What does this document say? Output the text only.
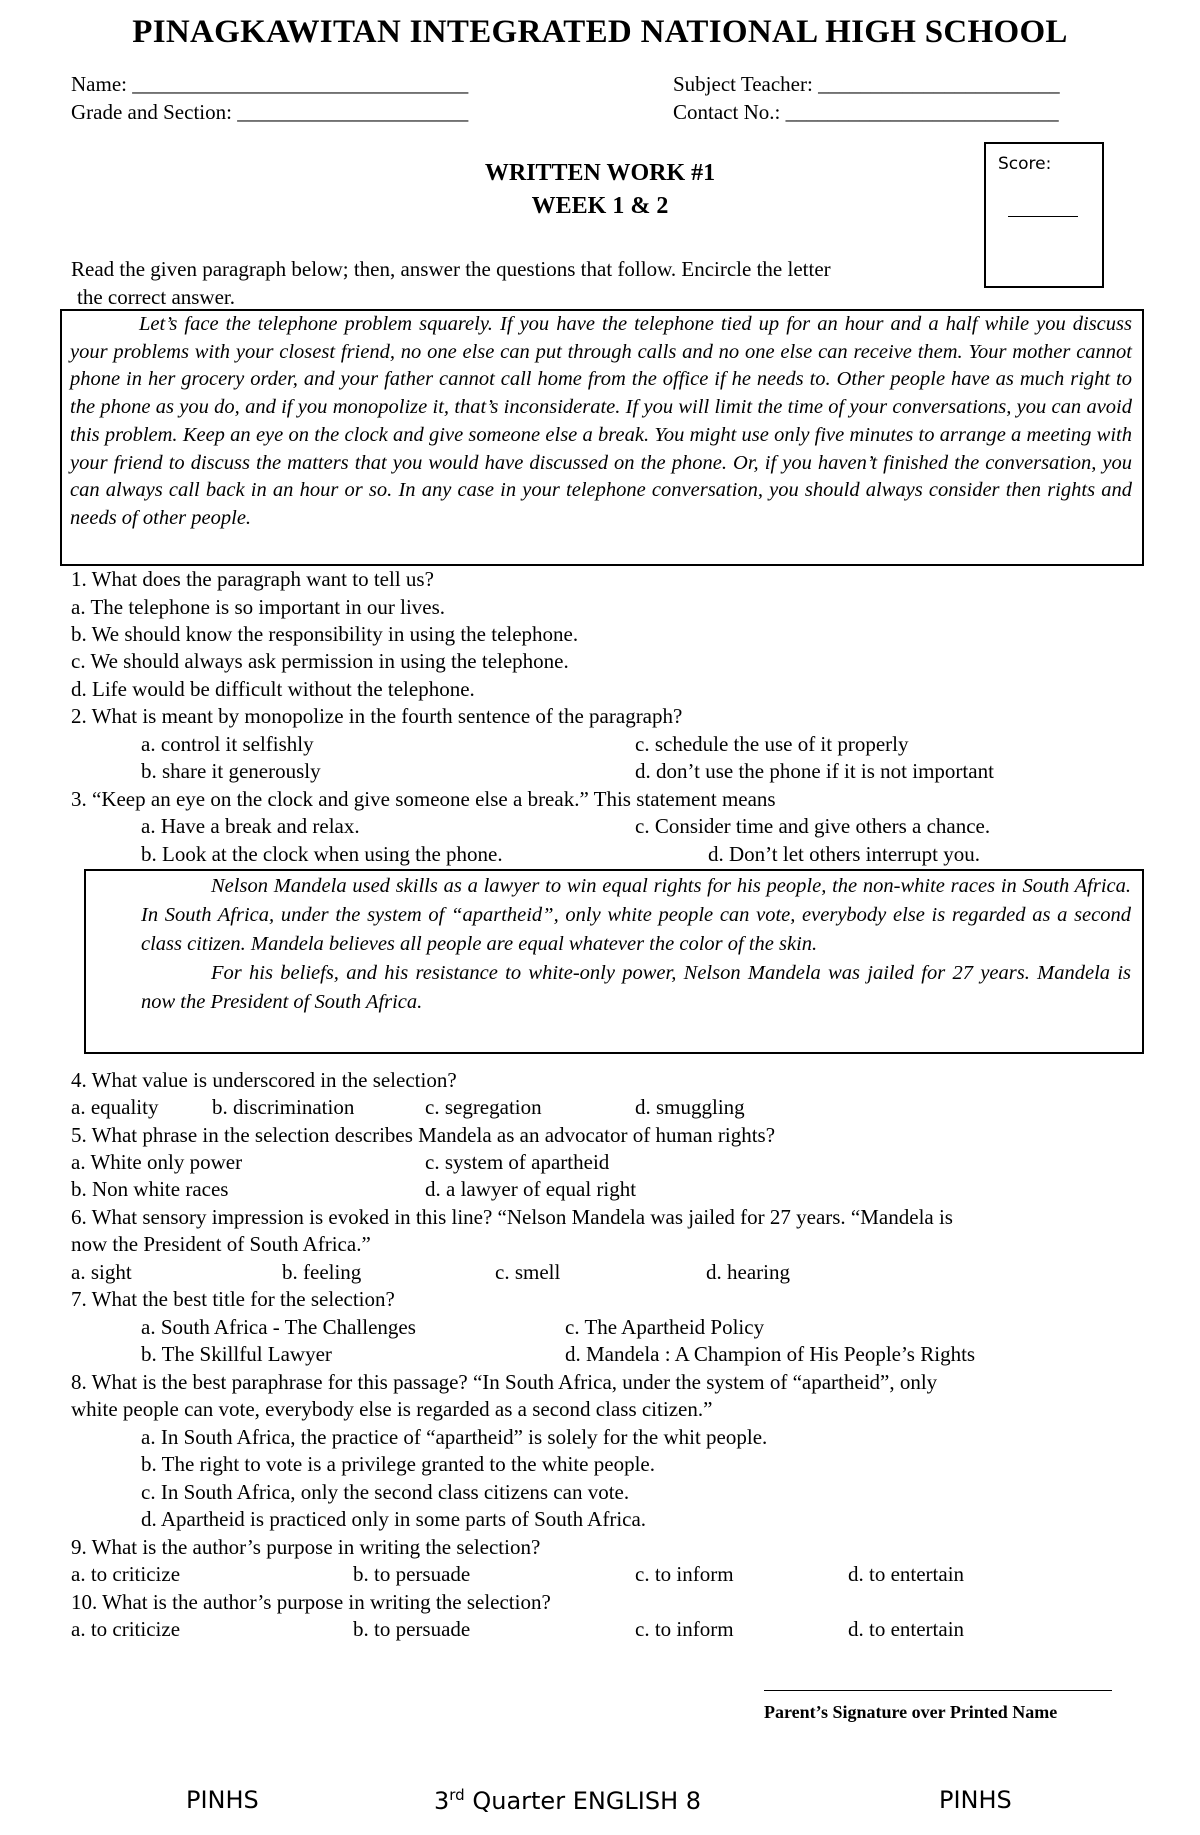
PINAGKAWITAN INTEGRATED NATIONAL HIGH SCHOOL
Name: ________________________________
Grade and Section: ______________________
Subject Teacher: _______________________
Contact No.: __________________________
Score:
WRITTEN WORK #1
WEEK 1 & 2
Read the given paragraph below; then, answer the questions that follow. Encircle the letter
the correct answer.

Let’s face the telephone problem squarely. If you have the telephone tied up for an hour and a half while you discuss your problems with your closest friend, no one else can put through calls and no one else can receive them. Your mother cannot phone in her grocery order, and your father cannot call home from the office if he needs to. Other people have as much right to the phone as you do, and if you monopolize it, that’s inconsiderate. If you will limit the time of your conversations, you can avoid this problem. Keep an eye on the clock and give someone else a break. You might use only five minutes to arrange a meeting with your friend to discuss the matters that you would have discussed on the phone. Or, if you haven’t finished the conversation, you can always call back in an hour or so. In any case in your telephone conversation, you should always consider then rights and needs of other people.

1. What does the paragraph want to tell us?
a. The telephone is so important in our lives.
b. We should know the responsibility in using the telephone.
c. We should always ask permission in using the telephone.
d. Life would be difficult without the telephone.
2. What is meant by monopolize in the fourth sentence of the paragraph?
a. control it selfishly
b. share it generously
c. schedule the use of it properly
d. don’t use the phone if it is not important
3. “Keep an eye on the clock and give someone else a break.” This statement means
a. Have a break and relax.
b. Look at the clock when using the phone.
c. Consider time and give others a chance.
d. Don’t let others interrupt you.

Nelson Mandela used skills as a lawyer to win equal rights for his people, the non-white races in South Africa. In South Africa, under the system of “apartheid”, only white people can vote, everybody else is regarded as a second class citizen. Mandela believes all people are equal whatever the color of the skin.

For his beliefs, and his resistance to white-only power, Nelson Mandela was jailed for 27 years. Mandela is now the President of South Africa.

4. What value is underscored in the selection?
a. equality	b. discrimination	c. segregation	d. smuggling
5. What phrase in the selection describes Mandela as an advocator of human rights?
a. White only power
b. Non white races
c. system of apartheid
d. a lawyer of equal right
6. What sensory impression is evoked in this line? “Nelson Mandela was jailed for 27 years. “Mandela is
now the President of South Africa.”
a. sight	b. feeling	c. smell	d. hearing
7. What the best title for the selection?
a. South Africa - The Challenges
b. The Skillful Lawyer
c. The Apartheid Policy
d. Mandela : A Champion of His People’s Rights
8. What is the best paraphrase for this passage? “In South Africa, under the system of “apartheid”, only
white people can vote, everybody else is regarded as a second class citizen.”
a. In South Africa, the practice of “apartheid” is solely for the whit people.
b. The right to vote is a privilege granted to the white people.
c. In South Africa, only the second class citizens can vote.
d. Apartheid is practiced only in some parts of South Africa.
9. What is the author’s purpose in writing the selection?
a. to criticize	b. to persuade	c. to inform	d. to entertain
10. What is the author’s purpose in writing the selection?
a. to criticize	b. to persuade	c. to inform	d. to entertain
Parent’s Signature over Printed Name
PINHS	3rd Quarter ENGLISH 8	PINHS
